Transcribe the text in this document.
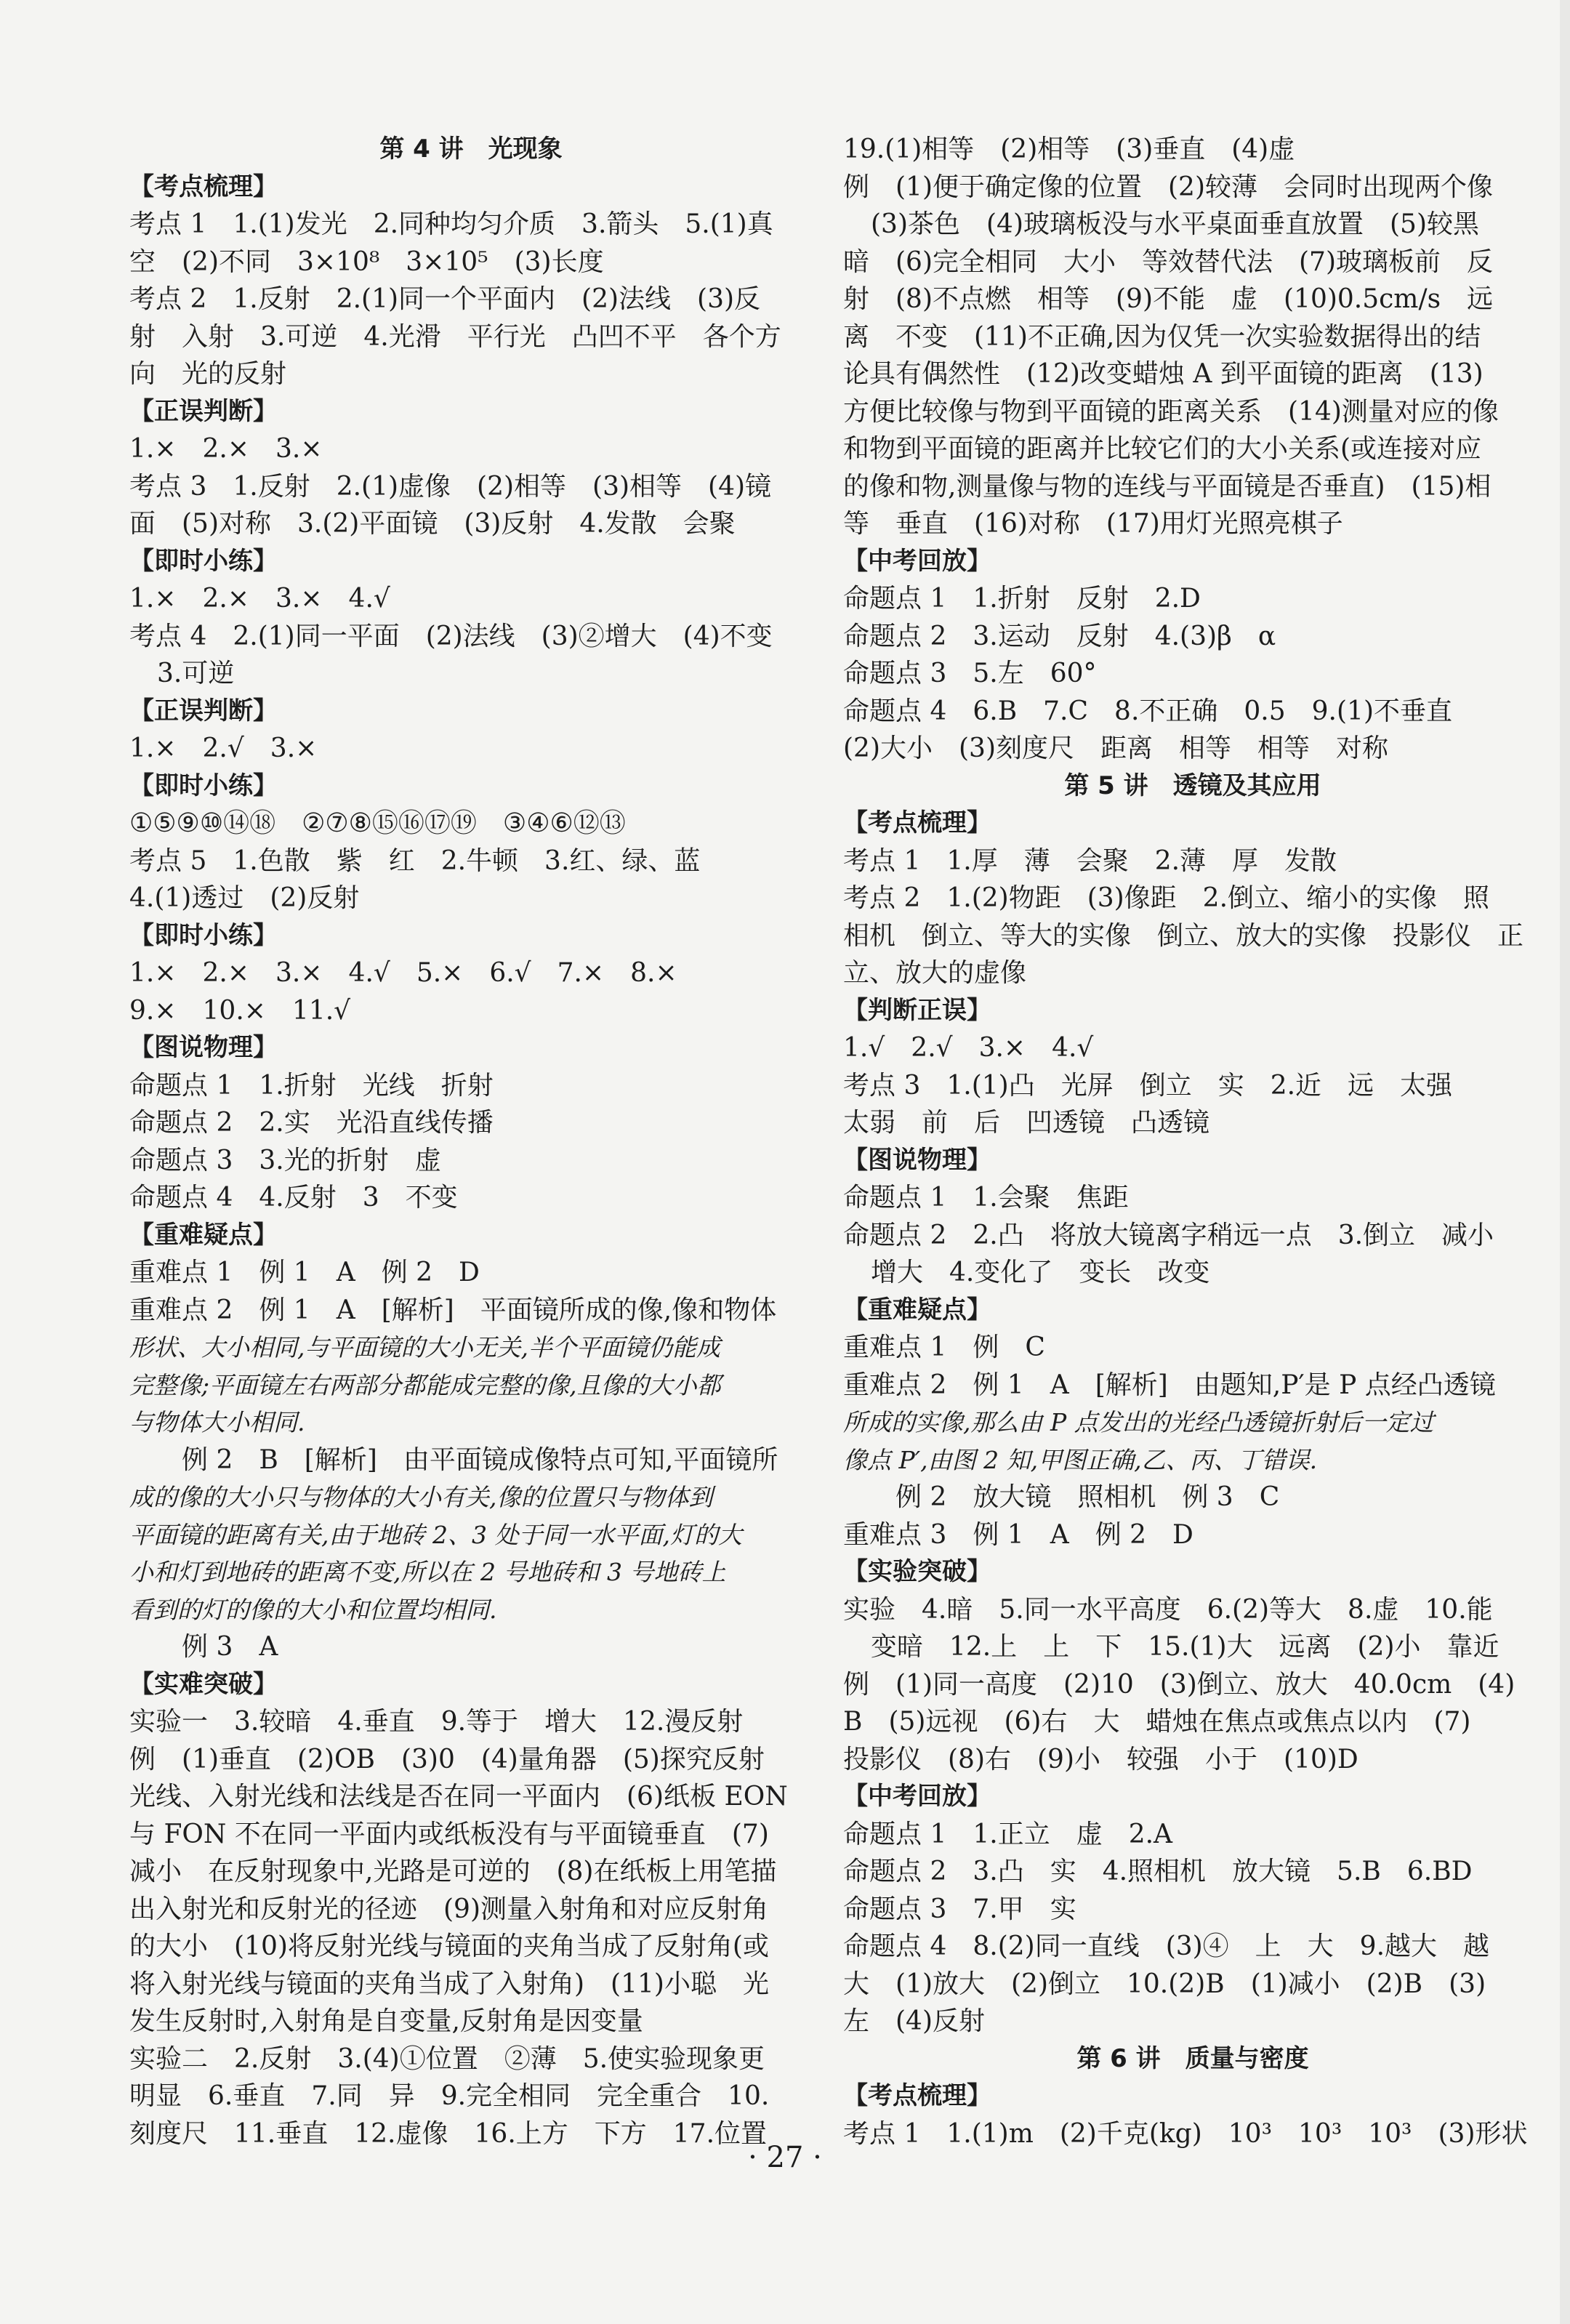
第 4 讲　光现象
【考点梳理】
考点 1　1.(1)发光　2.同种均匀介质　3.箭头　5.(1)真
空　(2)不同　3×10⁸　3×10⁵　(3)长度
考点 2　1.反射　2.(1)同一个平面内　(2)法线　(3)反
射　入射　3.可逆　4.光滑　平行光　凸凹不平　各个方
向　光的反射
【正误判断】
1.×　2.×　3.×
考点 3　1.反射　2.(1)虚像　(2)相等　(3)相等　(4)镜
面　(5)对称　3.(2)平面镜　(3)反射　4.发散　会聚
【即时小练】
1.×　2.×　3.×　4.√
考点 4　2.(1)同一平面　(2)法线　(3)②增大　(4)不变
3.可逆
【正误判断】
1.×　2.√　3.×
【即时小练】
①⑤⑨⑩⑭⑱　②⑦⑧⑮⑯⑰⑲　③④⑥⑫⑬
考点 5　1.色散　紫　红　2.牛顿　3.红、绿、蓝
4.(1)透过　(2)反射
【即时小练】
1.×　2.×　3.×　4.√　5.×　6.√　7.×　8.×
9.×　10.×　11.√
【图说物理】
命题点 1　1.折射　光线　折射
命题点 2　2.实　光沿直线传播
命题点 3　3.光的折射　虚
命题点 4　4.反射　3　不变
【重难疑点】
重难点 1　例 1　A　例 2　D
重难点 2　例 1　A　[解析]　平面镜所成的像,像和物体
形状、大小相同,与平面镜的大小无关,半个平面镜仍能成
完整像;平面镜左右两部分都能成完整的像,且像的大小都
与物体大小相同.
　　例 2　B　[解析]　由平面镜成像特点可知,平面镜所
成的像的大小只与物体的大小有关,像的位置只与物体到
平面镜的距离有关,由于地砖 2、3 处于同一水平面,灯的大
小和灯到地砖的距离不变,所以在 2 号地砖和 3 号地砖上
看到的灯的像的大小和位置均相同.
　　例 3　A
【实难突破】
实验一　3.较暗　4.垂直　9.等于　增大　12.漫反射
例　(1)垂直　(2)OB　(3)0　(4)量角器　(5)探究反射
光线、入射光线和法线是否在同一平面内　(6)纸板 EON
与 FON 不在同一平面内或纸板没有与平面镜垂直　(7)
减小　在反射现象中,光路是可逆的　(8)在纸板上用笔描
出入射光和反射光的径迹　(9)测量入射角和对应反射角
的大小　(10)将反射光线与镜面的夹角当成了反射角(或
将入射光线与镜面的夹角当成了入射角)　(11)小聪　光
发生反射时,入射角是自变量,反射角是因变量
实验二　2.反射　3.(4)①位置　②薄　5.使实验现象更
明显　6.垂直　7.同　异　9.完全相同　完全重合　10.
刻度尺　11.垂直　12.虚像　16.上方　下方　17.位置
19.(1)相等　(2)相等　(3)垂直　(4)虚
例　(1)便于确定像的位置　(2)较薄　会同时出现两个像
(3)茶色　(4)玻璃板没与水平桌面垂直放置　(5)较黑
暗　(6)完全相同　大小　等效替代法　(7)玻璃板前　反
射　(8)不点燃　相等　(9)不能　虚　(10)0.5cm/s　远
离　不变　(11)不正确,因为仅凭一次实验数据得出的结
论具有偶然性　(12)改变蜡烛 A 到平面镜的距离　(13)
方便比较像与物到平面镜的距离关系　(14)测量对应的像
和物到平面镜的距离并比较它们的大小关系(或连接对应
的像和物,测量像与物的连线与平面镜是否垂直)　(15)相
等　垂直　(16)对称　(17)用灯光照亮棋子
【中考回放】
命题点 1　1.折射　反射　2.D
命题点 2　3.运动　反射　4.(3)β　α
命题点 3　5.左　60°
命题点 4　6.B　7.C　8.不正确　0.5　9.(1)不垂直
(2)大小　(3)刻度尺　距离　相等　相等　对称
第 5 讲　透镜及其应用
【考点梳理】
考点 1　1.厚　薄　会聚　2.薄　厚　发散
考点 2　1.(2)物距　(3)像距　2.倒立、缩小的实像　照
相机　倒立、等大的实像　倒立、放大的实像　投影仪　正
立、放大的虚像
【判断正误】
1.√　2.√　3.×　4.√
考点 3　1.(1)凸　光屏　倒立　实　2.近　远　太强
太弱　前　后　凹透镜　凸透镜
【图说物理】
命题点 1　1.会聚　焦距
命题点 2　2.凸　将放大镜离字稍远一点　3.倒立　减小
增大　4.变化了　变长　改变
【重难疑点】
重难点 1　例　C
重难点 2　例 1　A　[解析]　由题知,P′是 P 点经凸透镜
所成的实像,那么由 P 点发出的光经凸透镜折射后一定过
像点 P′,由图 2 知,甲图正确,乙、丙、丁错误.
　　例 2　放大镜　照相机　例 3　C
重难点 3　例 1　A　例 2　D
【实验突破】
实验　4.暗　5.同一水平高度　6.(2)等大　8.虚　10.能
变暗　12.上　上　下　15.(1)大　远离　(2)小　靠近
例　(1)同一高度　(2)10　(3)倒立、放大　40.0cm　(4)
B　(5)远视　(6)右　大　蜡烛在焦点或焦点以内　(7)
投影仪　(8)右　(9)小　较强　小于　(10)D
【中考回放】
命题点 1　1.正立　虚　2.A
命题点 2　3.凸　实　4.照相机　放大镜　5.B　6.BD
命题点 3　7.甲　实
命题点 4　8.(2)同一直线　(3)④　上　大　9.越大　越
大　(1)放大　(2)倒立　10.(2)B　(1)减小　(2)B　(3)
左　(4)反射
第 6 讲　质量与密度
【考点梳理】
考点 1　1.(1)m　(2)千克(kg)　10³　10³　10³　(3)形状
· 27 ·
